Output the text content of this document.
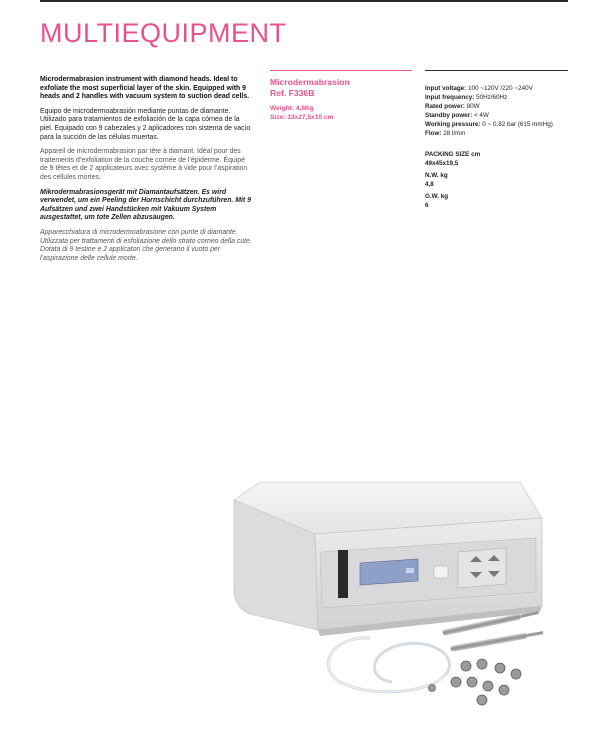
MULTIEQUIPMENT

Microdermabrasion instrument with diamond heads. Ideal to exfoliate the most superficial layer of the skin. Equipped with 9 heads and 2 handles with vacuum system to suction dead cells.

Equipo de microdermoabrasión mediante puntas de diamante. Utilizado para tratamientos de exfoliación de la capa córnea de la piel. Equipado con 9 cabezales y 2 aplicadores con sistema de vacío para la succión de las células muertas.

Appareil de microdermabrasion par tête à diamant. Idéal pour des traitements d’exfoliation de la couche cornée de l’épiderme. Équipé de 9 têtes et de 2 applicateurs avec système à vide pour l’aspiration des cellules mortes.

Mikrodermabrasionsgerät mit Diamantaufsätzen. Es wird verwendet, um ein Peeling der Hornschicht durchzuführen. Mit 9 Aufsätzen und zwei Handstücken mit Vakuum System ausgestattet, um tote Zellen abzusaugen.

Apparecchiatura di microdermoabrasione con punte di diamante. Utilizzata per trattamenti di esfoliazione dello strato corneo della cute. Dotata di 9 testine e 2 applicatori che generano il vuoto per l’aspirazione delle cellule morte.

Microdermabrasion
Ref. F336B
Weight: 4,8Kg
Size: 33x27,5x10 cm
Input voltage: 100 ~120V /220 ~240V
Input frequency: 50Hz/60Hz
Rated power: 80W
Standby power: < 4W
Working pressure: 0 ~ 0,82 bar (615 mmHg)
Flow: 28 l/min
PACKING SIZE cm
49x45x19,5
N.W. kg
4,8
G.W. kg
6
